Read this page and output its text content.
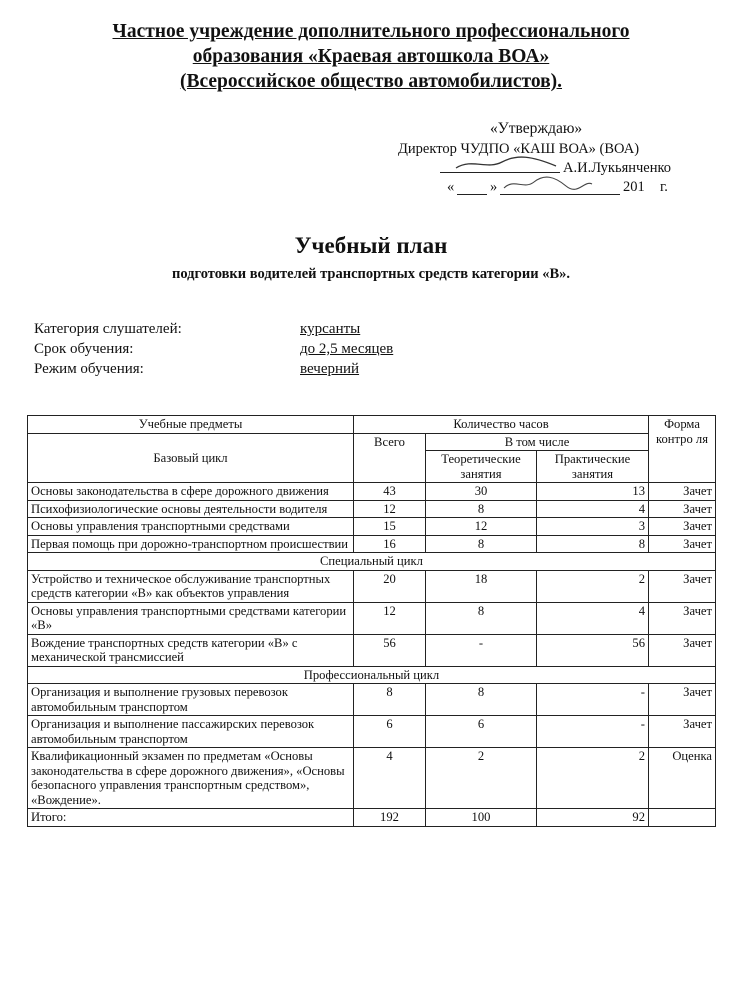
Частное учреждение дополнительного профессионального
образования «Краевая автошкола ВОА»
(Всероссийское общество автомобилистов).
«Утверждаю»
Директор ЧУДПО «КАШ ВОА» (ВОА)
А.И.Лукьянченко
« »	201 г.
Учебный план
подготовки водителей транспортных средств категории «В».
Категория слушателей:	курсанты
Срок обучения:	до 2,5 месяцев
Режим обучения:	вечерний
Учебные предметы	Количество часов			Форма контро ля
Базовый цикл	Всего	В том числе		
		Теоретические занятия	Практические занятия	
Основы законодательства в сфере дорожного движения	43	30	13	Зачет
Психофизиологические основы деятельности водителя	12	8	4	Зачет
Основы управления транспортными средствами	15	12	3	Зачет
Первая помощь при дорожно-транспортном происшествии	16	8	8	Зачет
Специальный цикл				
Устройство и техническое обслуживание транспортных средств категории «В» как объектов управления	20	18	2	Зачет
Основы управления транспортными средствами категории «В»	12	8	4	Зачет
Вождение транспортных средств категории «В» с механической трансмиссией	56	-	56	Зачет
Профессиональный цикл				
Организация и выполнение грузовых перевозок автомобильным транспортом	8	8	-	Зачет
Организация и выполнение пассажирских перевозок автомобильным транспортом	6	6	-	Зачет
Квалификационный экзамен по предметам «Основы законодательства в сфере дорожного движения», «Основы безопасного управления транспортным средством», «Вождение».	4	2	2	Оценка
Итого:	192	100	92	
